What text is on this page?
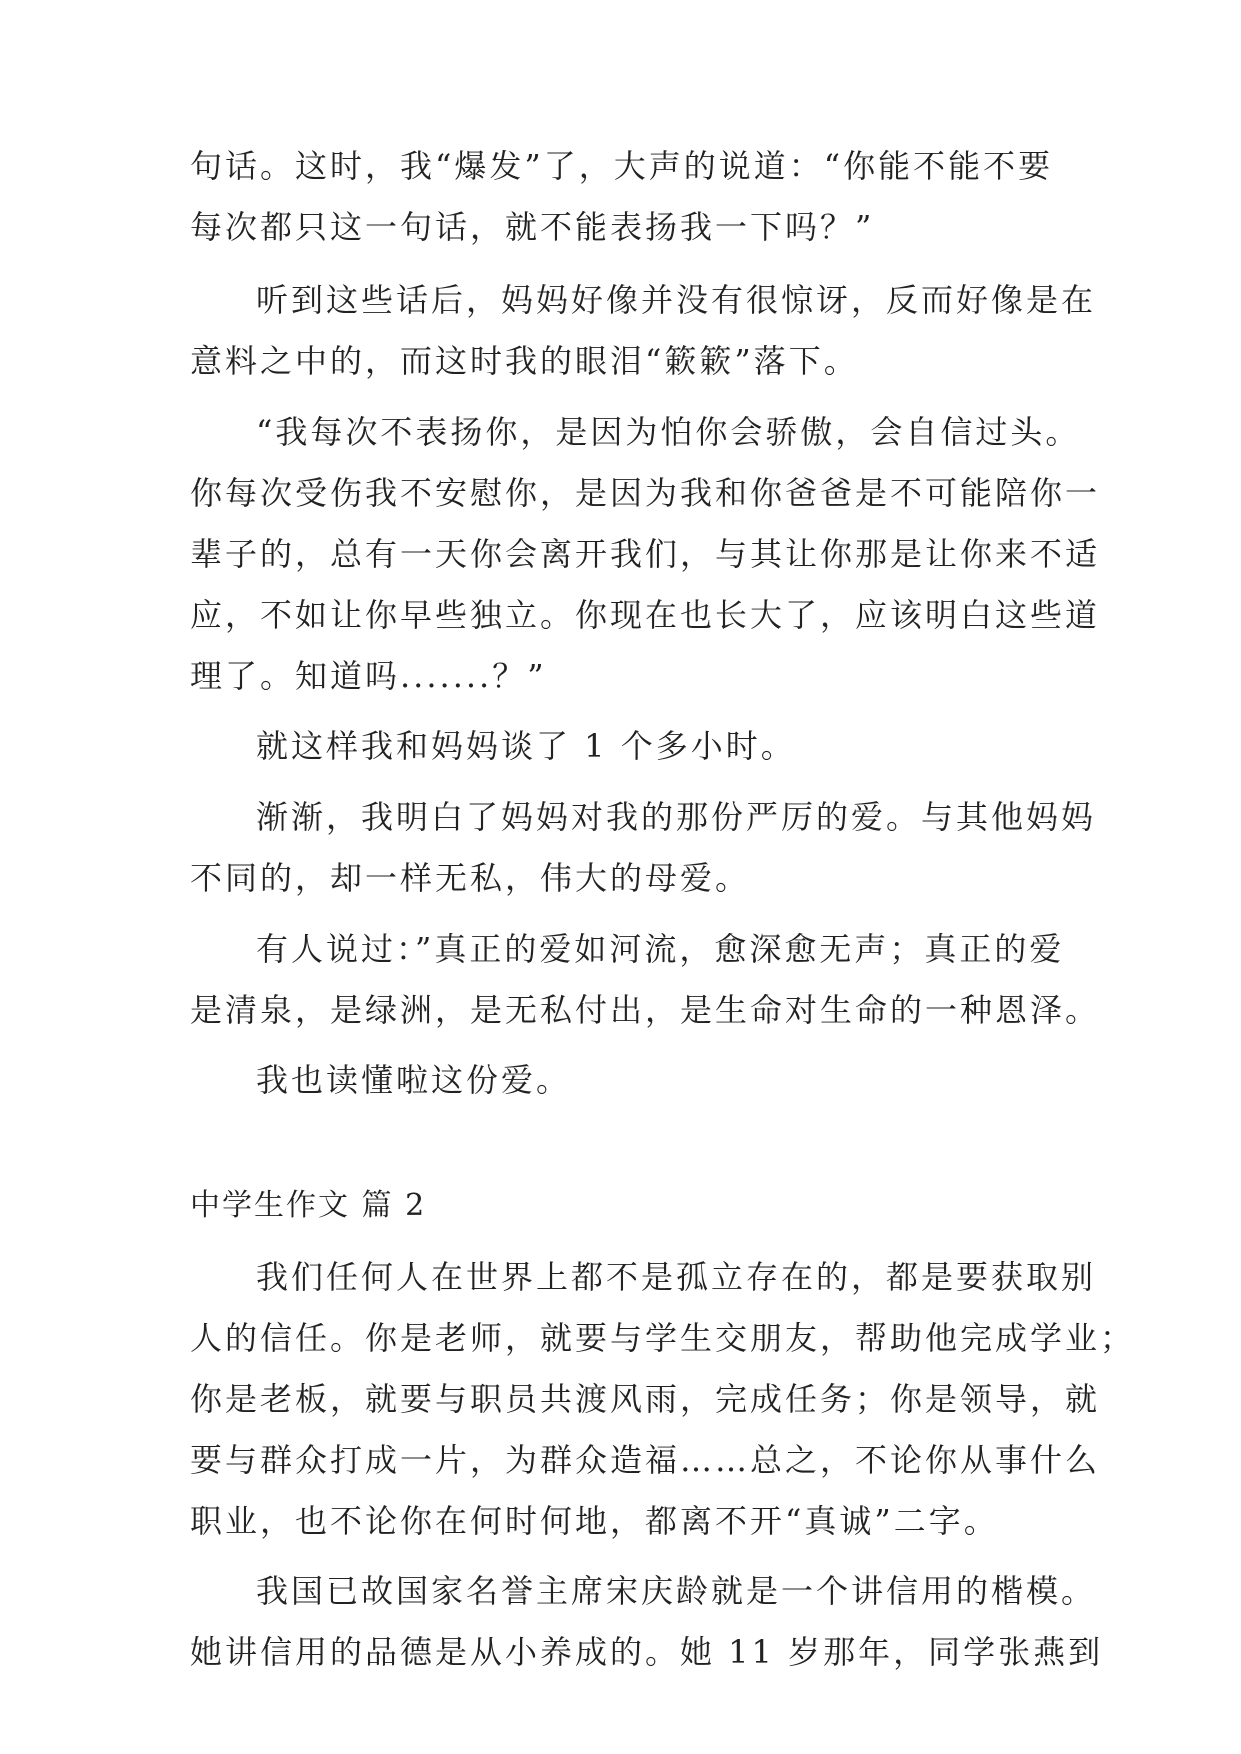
句话。这时，我“爆发”了，大声的说道：“你能不能不要
每次都只这一句话，就不能表扬我一下吗？”
听到这些话后，妈妈好像并没有很惊讶，反而好像是在
意料之中的，而这时我的眼泪“簌簌”落下。
“我每次不表扬你，是因为怕你会骄傲，会自信过头。
你每次受伤我不安慰你，是因为我和你爸爸是不可能陪你一
辈子的，总有一天你会离开我们，与其让你那是让你来不适
应，不如让你早些独立。你现在也长大了，应该明白这些道
理了。知道吗.......？”
就这样我和妈妈谈了 1 个多小时。
渐渐，我明白了妈妈对我的那份严厉的爱。与其他妈妈
不同的，却一样无私，伟大的母爱。
有人说过：”真正的爱如河流，愈深愈无声；真正的爱
是清泉，是绿洲，是无私付出，是生命对生命的一种恩泽。
我也读懂啦这份爱。
中学生作文 篇 2
我们任何人在世界上都不是孤立存在的，都是要获取别
人的信任。你是老师，就要与学生交朋友，帮助他完成学业；
你是老板，就要与职员共渡风雨，完成任务；你是领导，就
要与群众打成一片，为群众造福……总之，不论你从事什么
职业，也不论你在何时何地，都离不开“真诚”二字。
我国已故国家名誉主席宋庆龄就是一个讲信用的楷模。
她讲信用的品德是从小养成的。她 11 岁那年，同学张燕到
